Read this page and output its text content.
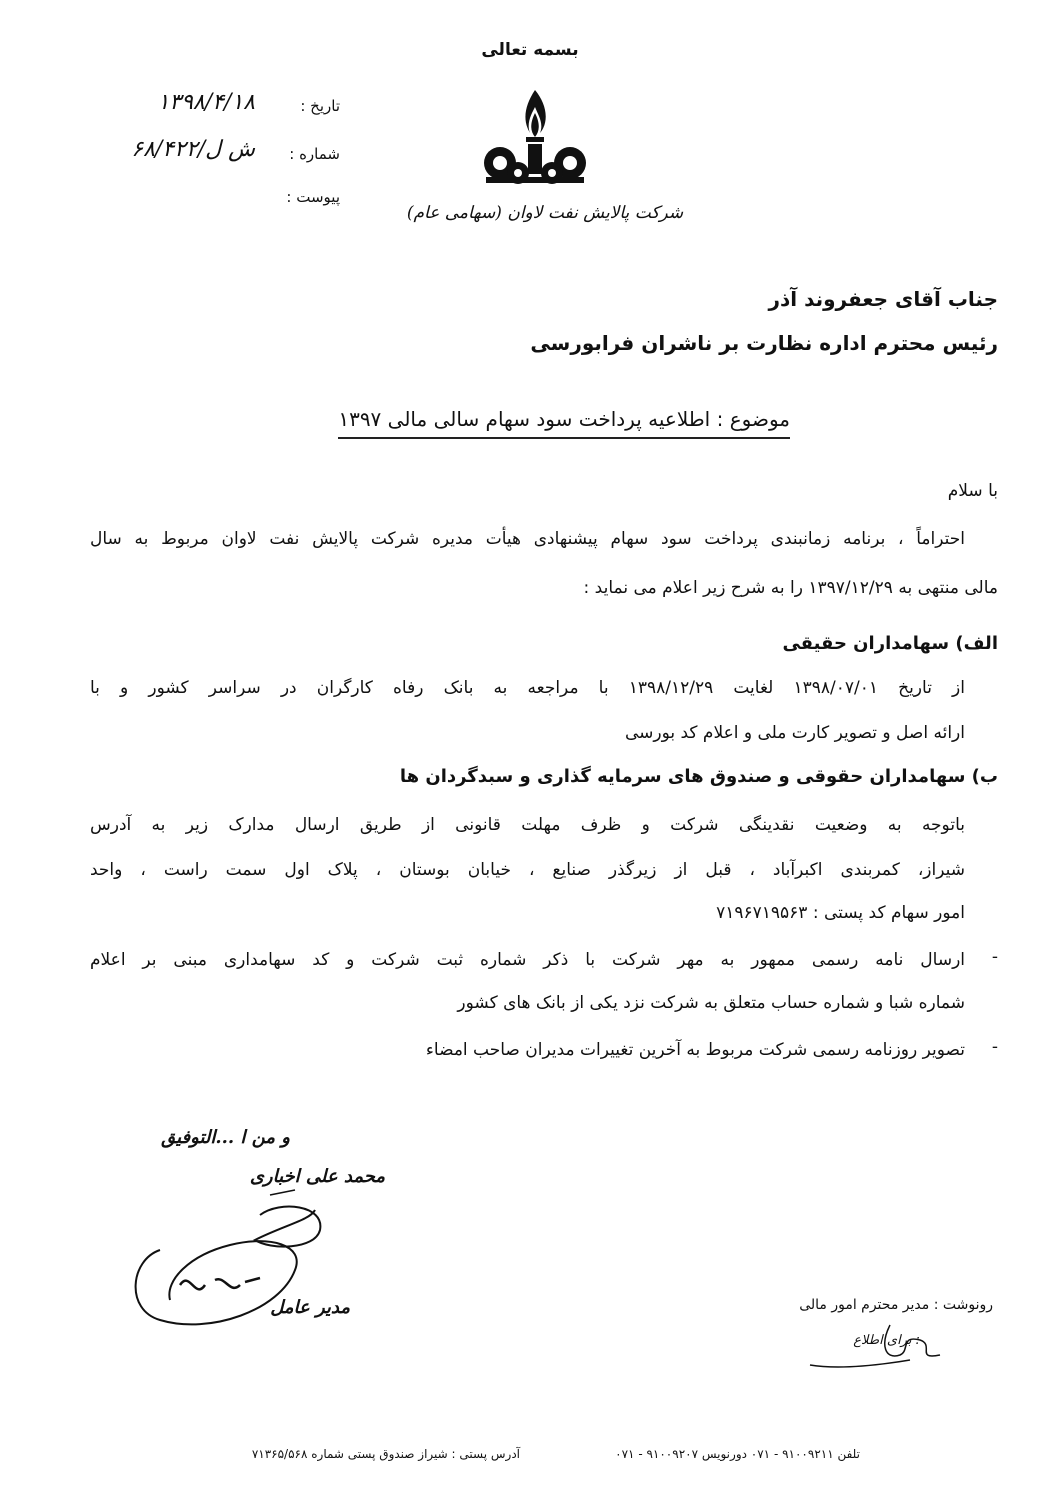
بسمه تعالی
شرکت پالایش نفت لاوان (سهامی عام)
تاریخ :
۱۳۹۸/۴/۱۸
شماره :
ش ل/۶۸/۴۲۲
پیوست :
جناب آقای جعفروند آذر
رئیس محترم اداره نظارت بر ناشران فرابورسی
موضوع : اطلاعیه پرداخت سود سهام سالی مالی ۱۳۹۷
با سلام
احتراماً ، برنامه زمانبندی پرداخت سود سهام پیشنهادی هیأت مدیره شرکت پالایش نفت لاوان مربوط به سال
مالی منتهی به ۱۳۹۷/۱۲/۲۹ را به شرح زیر اعلام می نماید :
الف) سهامداران حقیقی
از تاریخ ۱۳۹۸/۰۷/۰۱ لغایت ۱۳۹۸/۱۲/۲۹ با مراجعه به بانک رفاه کارگران در سراسر کشور و با
ارائه اصل و تصویر کارت ملی و اعلام کد بورسی
ب) سهامداران حقوقی و صندوق های سرمایه گذاری و سبدگردان ها
باتوجه به وضعیت نقدینگی شرکت و ظرف مهلت قانونی از طریق ارسال مدارک زیر به آدرس
شیراز، کمربندی اکبرآباد ، قبل از زیرگذر صنایع ، خیابان بوستان ، پلاک اول سمت راست ، واحد
امور سهام کد پستی : ۷۱۹۶۷۱۹۵۶۳
-
ارسال نامه رسمی ممهور به مهر شرکت با ذکر شماره ثبت شرکت و کد سهامداری مبنی بر اعلام
شماره شبا و شماره حساب متعلق به شرکت نزد یکی از بانک های کشور
-
تصویر روزنامه رسمی شرکت مربوط به آخرین تغییرات مدیران صاحب امضاء
و من ا ...التوفیق
محمد علی اخباری
مدیر عامل	رونوشت : مدیر محترم امور مالی
: برای اطلاع
تلفن ۹۱۰۰۹۲۱۱ - ۰۷۱ دورنویس ۹۱۰۰۹۲۰۷ - ۰۷۱
آدرس پستی : شیراز صندوق پستی شماره ۷۱۳۶۵/۵۶۸
